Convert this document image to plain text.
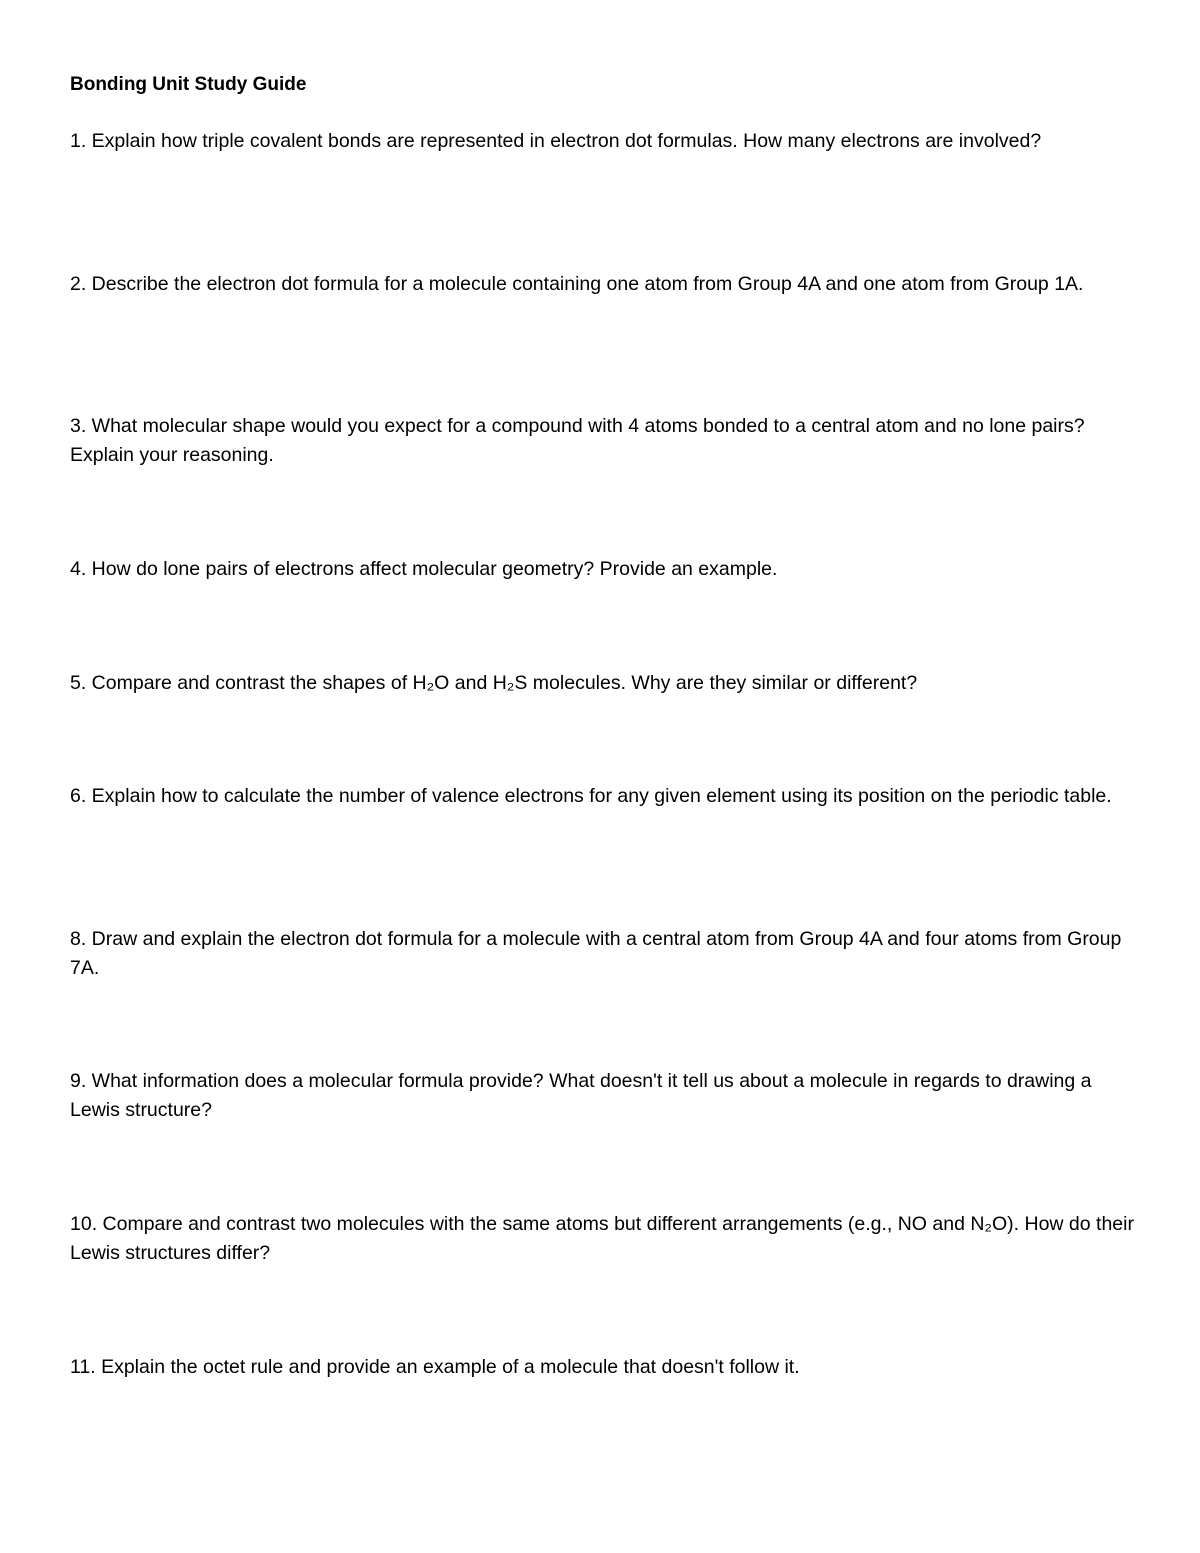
Bonding Unit Study Guide

1. Explain how triple covalent bonds are represented in electron dot formulas. How many electrons are involved?

2. Describe the electron dot formula for a molecule containing one atom from Group 4A and one atom from Group 1A.

3. What molecular shape would you expect for a compound with 4 atoms bonded to a central atom and no lone pairs? Explain your reasoning.

4. How do lone pairs of electrons affect molecular geometry? Provide an example.

5. Compare and contrast the shapes of H₂O and H₂S molecules. Why are they similar or different?

6. Explain how to calculate the number of valence electrons for any given element using its position on the periodic table.

8. Draw and explain the electron dot formula for a molecule with a central atom from Group 4A and four atoms from Group 7A.

9. What information does a molecular formula provide? What doesn't it tell us about a molecule in regards to drawing a Lewis structure?

10. Compare and contrast two molecules with the same atoms but different arrangements (e.g., NO and N₂O). How do their Lewis structures differ?

11. Explain the octet rule and provide an example of a molecule that doesn't follow it.
